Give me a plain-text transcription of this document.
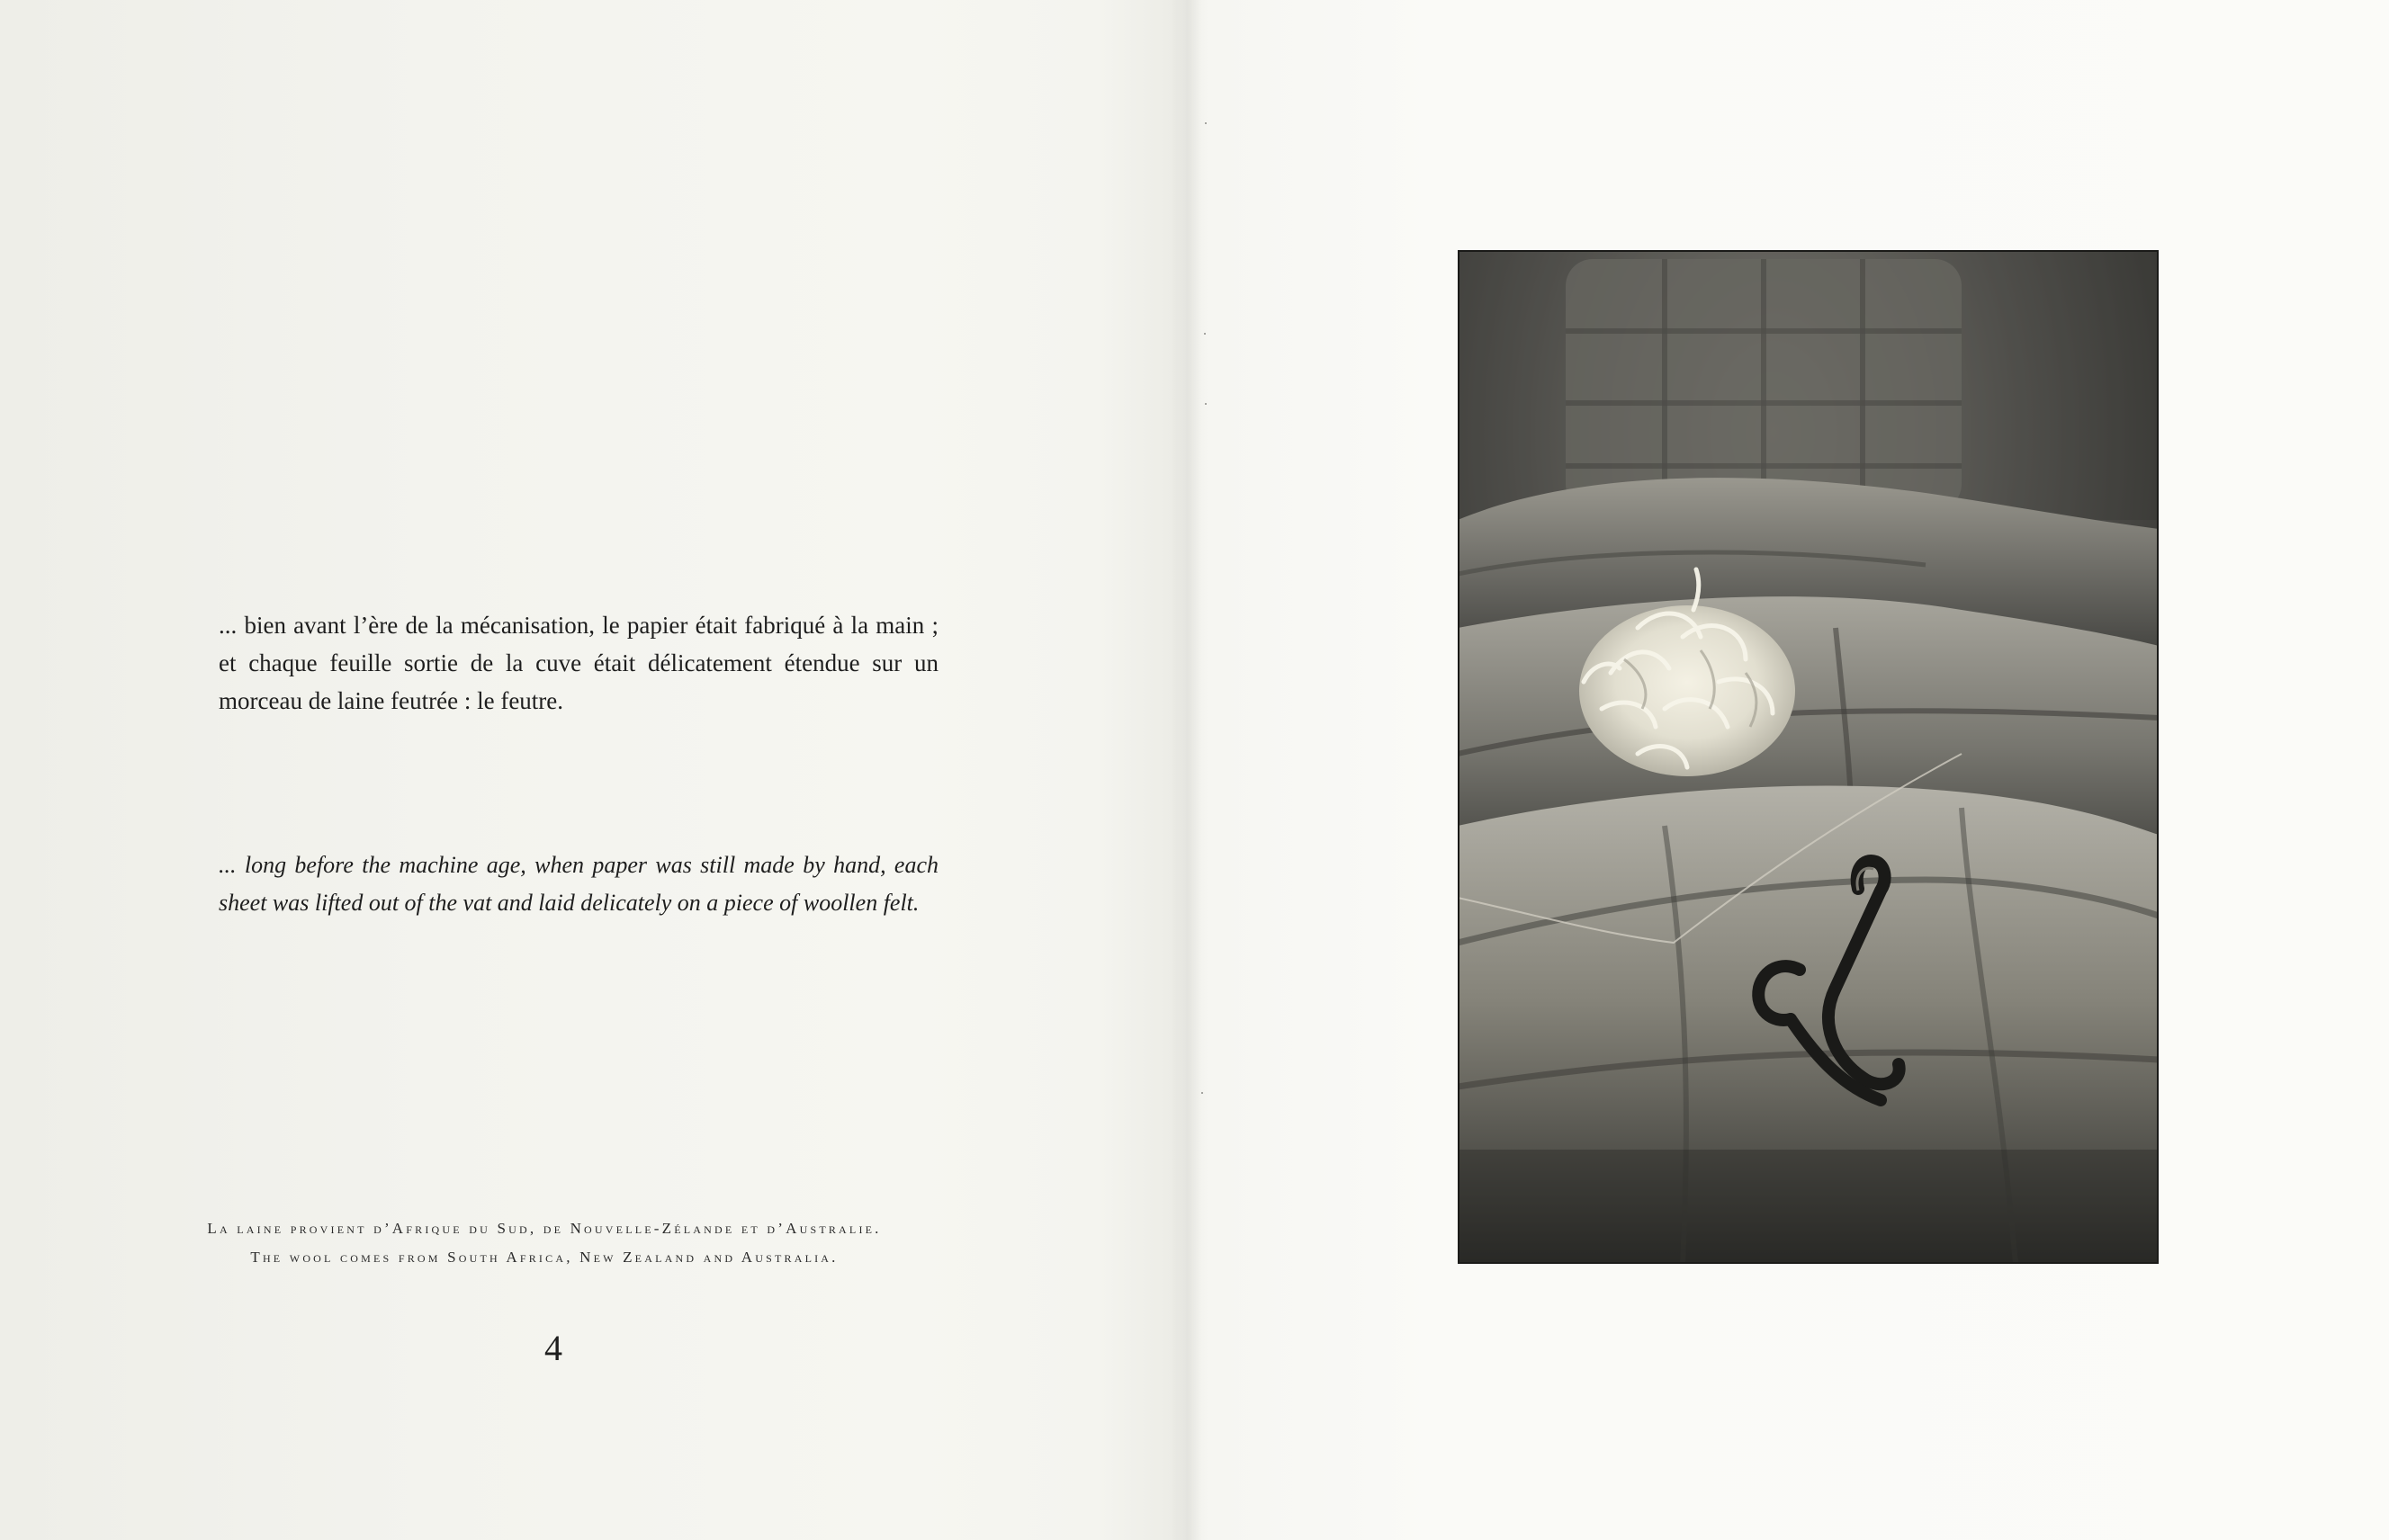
... bien avant l’ère de la mécanisation, le papier était fabriqué à la main ; et chaque feuille sortie de la cuve était délicatement étendue sur un morceau de laine feutrée : le feutre.

... long before the machine age, when paper was still made by hand, each sheet was lifted out of the vat and laid delicately on a piece of woollen felt.

La laine provient d’Afrique du Sud, de Nouvelle-Zélande et d’Australie.
The wool comes from South Africa, New Zealand and Australia.
4
